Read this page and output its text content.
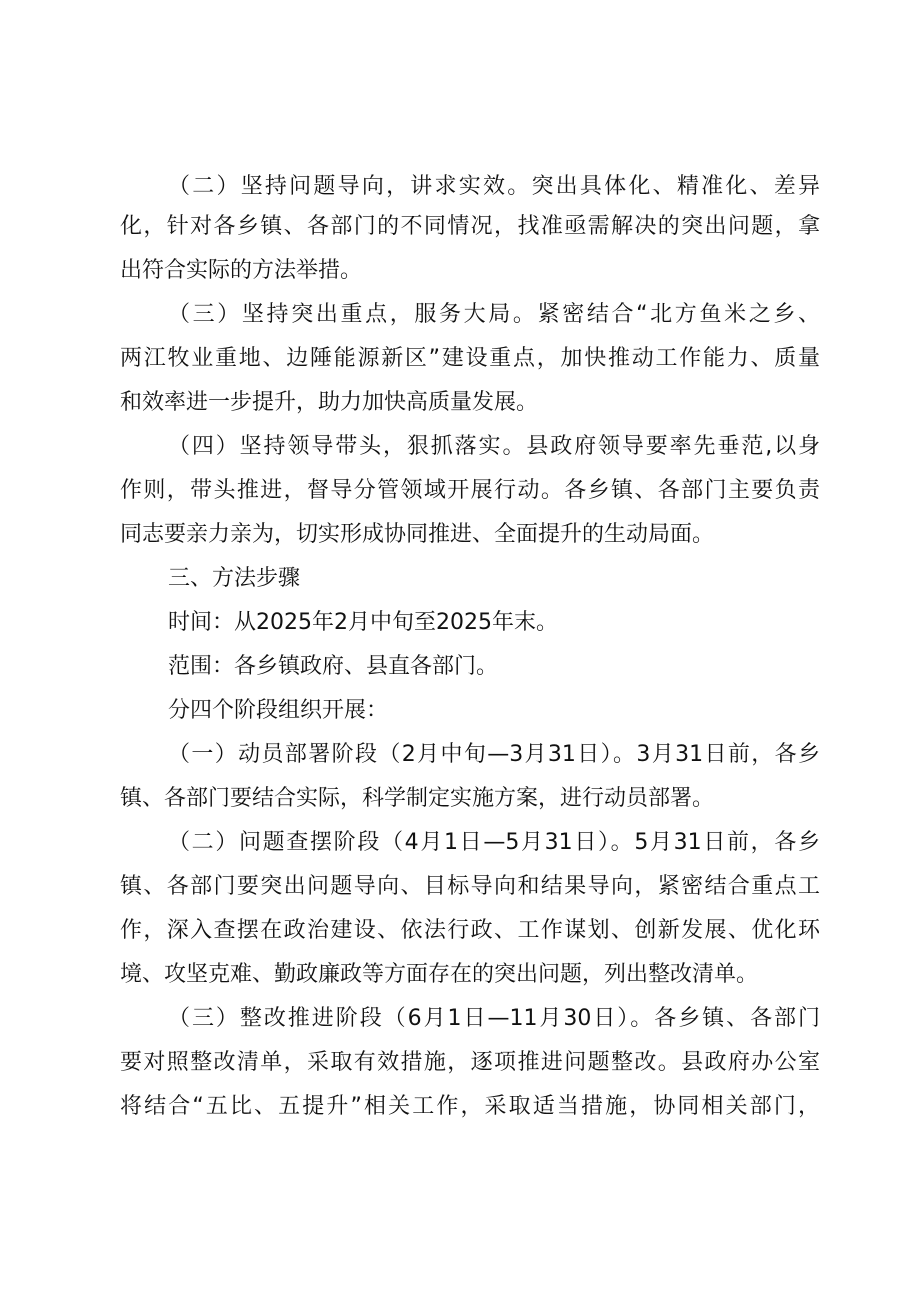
（二）坚持问题导向，讲求实效。突出具体化、精准化、差异
化，针对各乡镇、各部门的不同情况，找准亟需解决的突出问题，拿
出符合实际的方法举措。
（三）坚持突出重点，服务大局。紧密结合“北方鱼米之乡、
两江牧业重地、边陲能源新区”建设重点，加快推动工作能力、质量
和效率进一步提升，助力加快高质量发展。
（四）坚持领导带头，狠抓落实。县政府领导要率先垂范,以身
作则，带头推进，督导分管领域开展行动。各乡镇、各部门主要负责
同志要亲力亲为，切实形成协同推进、全面提升的生动局面。
三、方法步骤
时间：从2025年2月中旬至2025年末。
范围：各乡镇政府、县直各部门。
分四个阶段组织开展：
（一）动员部署阶段（2月中旬—3月31日）。3月31日前，各乡
镇、各部门要结合实际，科学制定实施方案，进行动员部署。
（二）问题查摆阶段（4月1日—5月31日）。5月31日前，各乡
镇、各部门要突出问题导向、目标导向和结果导向，紧密结合重点工
作，深入查摆在政治建设、依法行政、工作谋划、创新发展、优化环
境、攻坚克难、勤政廉政等方面存在的突出问题，列出整改清单。
（三）整改推进阶段（6月1日—11月30日）。各乡镇、各部门
要对照整改清单，采取有效措施，逐项推进问题整改。县政府办公室
将结合“五比、五提升”相关工作，采取适当措施，协同相关部门，
